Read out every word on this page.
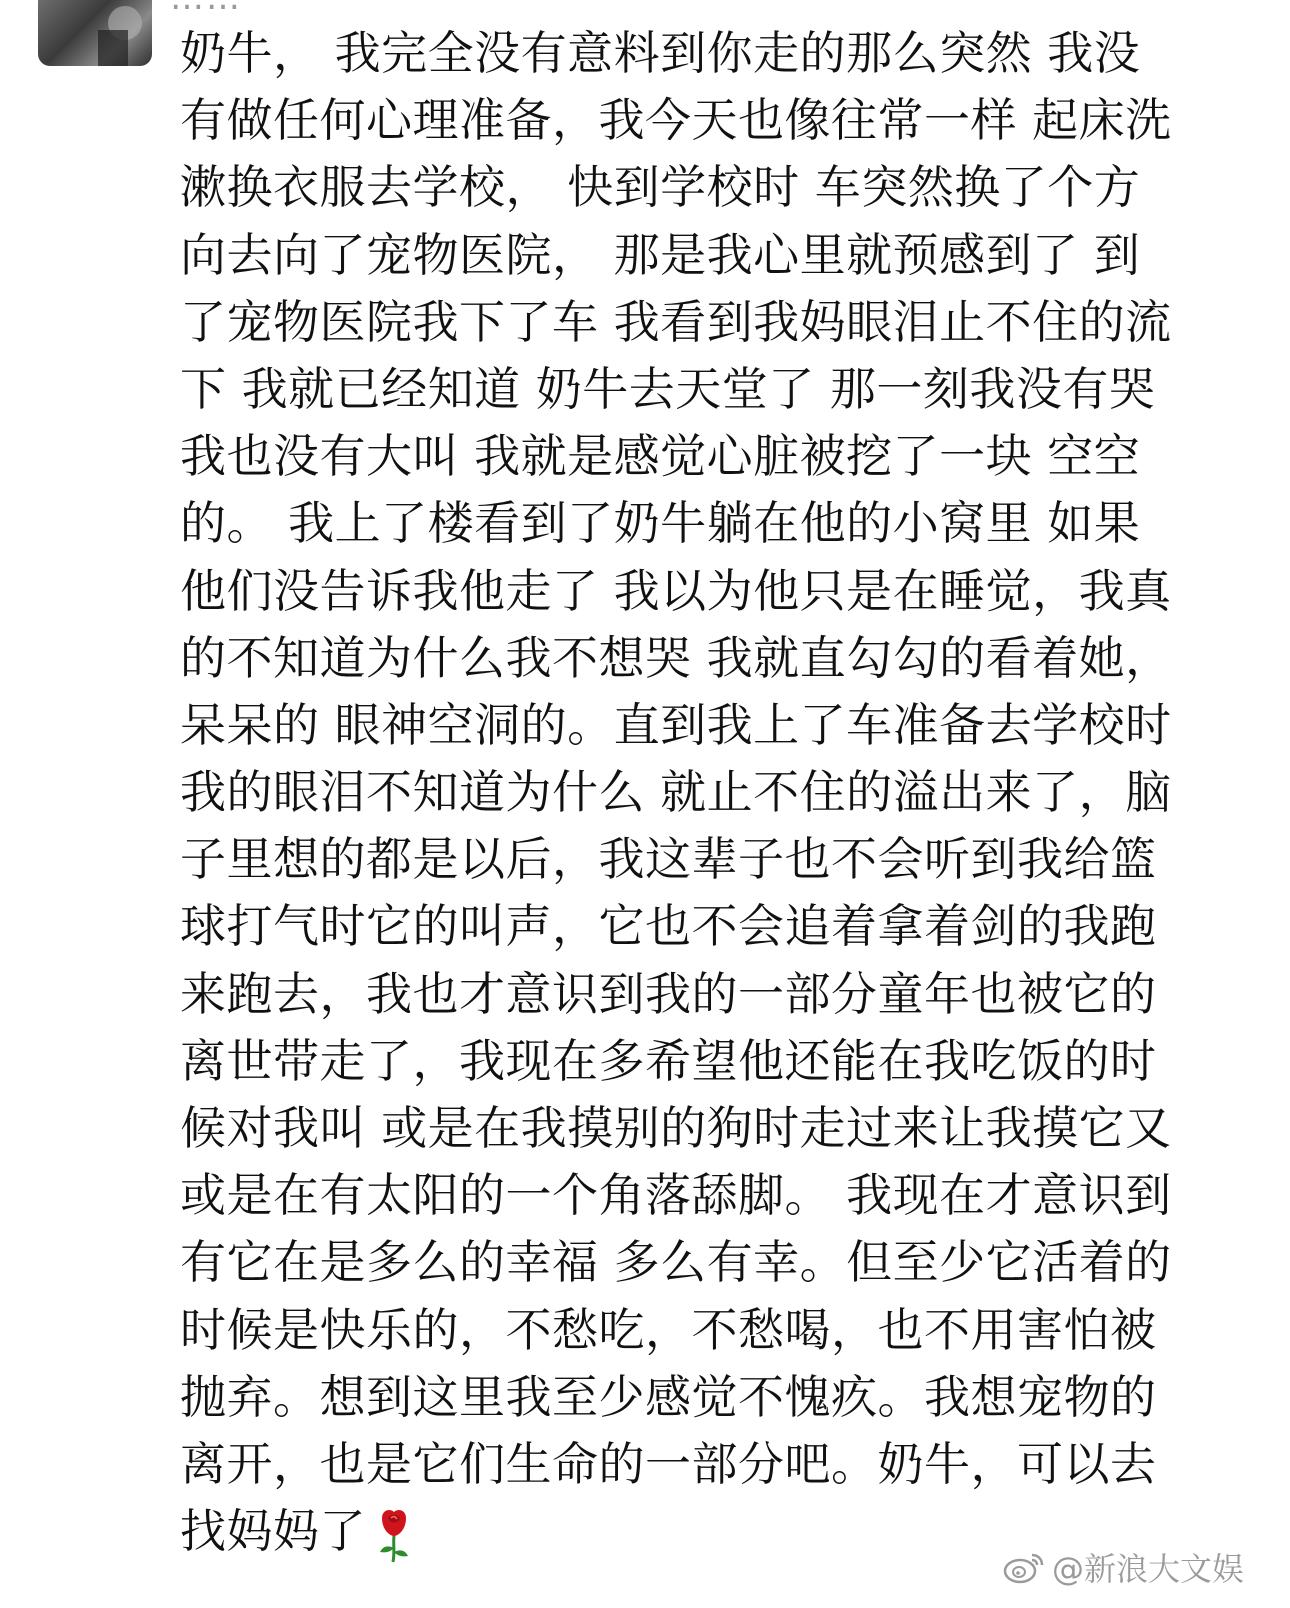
奶牛， 我完全没有意料到你走的那么突然 我没
有做任何心理准备，我今天也像往常一样 起床洗
漱换衣服去学校， 快到学校时 车突然换了个方
向去向了宠物医院， 那是我心里就预感到了 到
了宠物医院我下了车 我看到我妈眼泪止不住的流
下 我就已经知道 奶牛去天堂了 那一刻我没有哭
我也没有大叫 我就是感觉心脏被挖了一块 空空
的。 我上了楼看到了奶牛躺在他的小窝里 如果
他们没告诉我他走了 我以为他只是在睡觉，我真
的不知道为什么我不想哭 我就直勾勾的看着她，
呆呆的 眼神空洞的。直到我上了车准备去学校时
我的眼泪不知道为什么 就止不住的溢出来了，脑
子里想的都是以后，我这辈子也不会听到我给篮
球打气时它的叫声，它也不会追着拿着剑的我跑
来跑去，我也才意识到我的一部分童年也被它的
离世带走了，我现在多希望他还能在我吃饭的时
候对我叫 或是在我摸别的狗时走过来让我摸它又
或是在有太阳的一个角落舔脚。 我现在才意识到
有它在是多么的幸福 多么有幸。但至少它活着的
时候是快乐的，不愁吃，不愁喝，也不用害怕被
抛弃。想到这里我至少感觉不愧疚。我想宠物的
离开，也是它们生命的一部分吧。奶牛，可以去
找妈妈了
@新浪大文娱
